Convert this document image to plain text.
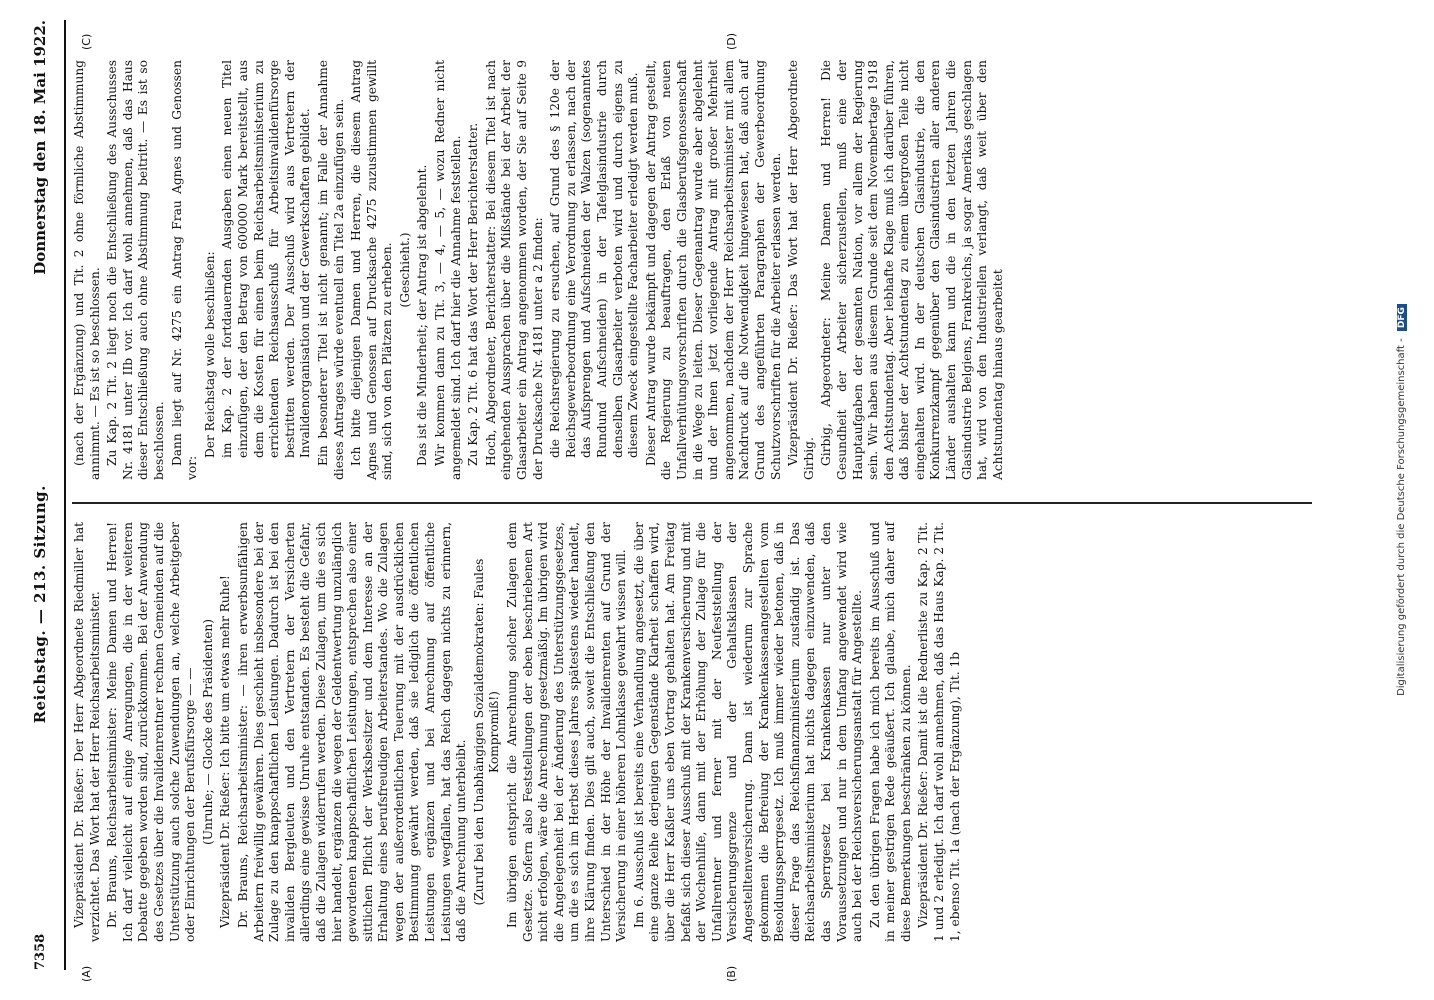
7358
Reichstag. — 213. Sitzung.
Donnerstag den 18. Mai 1922.
(A)	(B)
(C)	(D)

Vizepräsident Dr. Rießer: Der Herr Abgeordnete Riedmiller hat verzichtet. Das Wort hat der Herr Reichsarbeitsminister. Dr. Brauns, Reichsarbeitsminister: Meine Damen und Herren! Ich darf vielleicht auf einige Anregungen, die in der weiteren Debatte gegeben worden sind, zurückkommen. Bei der Anwendung des Gesetzes über die Invalidenrentner rechnen Gemeinden auf die Unterstützung auch solche Zuwendungen an, welche Arbeitgeber oder Einrichtungen der Berufsfürsorge — — (Unruhe; — Glocke des Präsidenten) Vizepräsident Dr. Rießer: Ich bitte um etwas mehr Ruhe! Dr. Brauns, Reichsarbeitsminister: — ihren erwerbsunfähigen Arbeitern freiwillig gewähren. Dies geschieht insbesondere bei der Zulage zu den knappschaftlichen Leistungen. Dadurch ist bei den invaliden Bergleuten und den Vertretern der Versicherten allerdings eine gewisse Unruhe entstanden. Es besteht die Gefahr, daß die Zulagen widerrufen werden. Diese Zulagen, um die es sich hier handelt, ergänzen die wegen der Geldentwertung unzulänglich gewordenen knappschaftlichen Leistungen, entsprechen also einer sittlichen Pflicht der Werksbesitzer und dem Interesse an der Erhaltung eines berufsfreudigen Arbeiterstandes. Wo die Zulagen wegen der außerordentlichen Teuerung mit der ausdrücklichen Bestimmung gewährt werden, daß sie lediglich die öffentlichen Leistungen ergänzen und bei Anrechnung auf öffentliche Leistungen wegfallen, hat das Reich dagegen nichts zu erinnern, daß die Anrechnung unterbleibt. (Zuruf bei den Unabhängigen Sozialdemokraten: Faules Kompromiß!) Im übrigen entspricht die Anrechnung solcher Zulagen dem Gesetze. Sofern also Feststellungen der eben beschriebenen Art nicht erfolgen, wäre die Anrechnung gesetzmäßig. Im übrigen wird die Angelegenheit bei der Änderung des Unterstützungsgesetzes, um die es sich im Herbst dieses Jahres spätestens wieder handelt, ihre Klärung finden. Dies gilt auch, soweit die Entschließung den Unterschied in der Höhe der Invalidenrenten auf Grund der Versicherung in einer höheren Lohnklasse gewahrt wissen will. Im 6. Ausschuß ist bereits eine Verhandlung angesetzt, die über eine ganze Reihe derjenigen Gegenstände Klarheit schaffen wird, über die Herr Kaßler uns eben Vortrag gehalten hat. Am Freitag befaßt sich dieser Ausschuß mit der Krankenversicherung und mit der Wochenhilfe, dann mit der Erhöhung der Zulage für die Unfallrentner und ferner mit der Neufeststellung der Versicherungsgrenze und der Gehaltsklassen der Angestelltenversicherung. Dann ist wiederum zur Sprache gekommen die Befreiung der Krankenkassenangestellten vom Besoldungssperrgesetz. Ich muß immer wieder betonen, daß in dieser Frage das Reichsfinanzministerium zuständig ist. Das Reichsarbeitsministerium hat nichts dagegen einzuwenden, daß das Sperrgesetz bei Krankenkassen nur unter den Voraussetzungen und nur in dem Umfang angewendet wird wie auch bei der Reichsversicherungsanstalt für Angestellte. Zu den übrigen Fragen habe ich mich bereits im Ausschuß und in meiner gestrigen Rede geäußert. Ich glaube, mich daher auf diese Bemerkungen beschränken zu können. Vizepräsident Dr. Rießer: Damit ist die Rednerliste zu Kap. 2 Tit. 1 und 2 erledigt. Ich darf wohl annehmen, daß das Haus Kap. 2 Tit. 1, ebenso Tit. 1a (nach der Ergänzung), Tit. 1b

(nach der Ergänzung) und Tit. 2 ohne förmliche Abstimmung annimmt. — Es ist so beschlossen. Zu Kap. 2 Tit. 2 liegt noch die Entschließung des Ausschusses Nr. 4181 unter IIb vor. Ich darf wohl annehmen, daß das Haus dieser Entschließung auch ohne Abstimmung beitritt. — Es ist so beschlossen. Dann liegt auf Nr. 4275 ein Antrag Frau Agnes und Genossen vor:

Der Reichstag wolle beschließen: im Kap. 2 der fortdauernden Ausgaben einen neuen Titel einzufügen, der den Betrag von 600000 Mark bereitstellt, aus dem die Kosten für einen beim Reichsarbeitsministerium zu errichtenden Reichsausschuß für Arbeitsinvalidenfürsorge bestritten werden. Der Ausschuß wird aus Vertretern der Invalidenorganisation und der Gewerkschaften gebildet. Ein besonderer Titel ist nicht genannt; im Falle der Annahme dieses Antrages würde eventuell ein Titel 2a einzufügen sein. Ich bitte diejenigen Damen und Herren, die diesem Antrag Agnes und Genossen auf Drucksache 4275 zuzustimmen gewillt sind, sich von den Plätzen zu erheben. (Geschieht.) Das ist die Minderheit; der Antrag ist abgelehnt. Wir kommen dann zu Tit. 3, — 4, — 5, — wozu Redner nicht angemeldet sind. Ich darf hier die Annahme feststellen. Zu Kap. 2 Tit. 6 hat das Wort der Herr Berichterstatter. Hoch, Abgeordneter, Berichterstatter: Bei diesem Titel ist nach eingehenden Aussprachen über die Mißstände bei der Arbeit der Glasarbeiter ein Antrag angenommen worden, der Sie auf Seite 9 der Drucksache Nr. 4181 unter a 2 finden: die Reichsregierung zu ersuchen, auf Grund des § 120e der Reichsgewerbeordnung eine Verordnung zu erlassen, nach der das Aufsprengen und Aufschneiden der Walzen (sogenanntes Rundund Aufschneiden) in der Tafelglasindustrie durch denselben Glasarbeiter verboten wird und durch eigens zu diesem Zweck eingestellte Facharbeiter erledigt werden muß. Dieser Antrag wurde bekämpft und dagegen der Antrag gestellt, die Regierung zu beauftragen, den Erlaß von neuen Unfallverhütungsvorschriften durch die Glasberufsgenossenschaft in die Wege zu leiten. Dieser Gegenantrag wurde aber abgelehnt und der Ihnen jetzt vorliegende Antrag mit großer Mehrheit angenommen, nachdem der Herr Reichsarbeitsminister mit allem Nachdruck auf die Notwendigkeit hingewiesen hat, daß auch auf Grund des angeführten Paragraphen der Gewerbeordnung Schutzvorschriften für die Arbeiter erlassen werden. Vizepräsident Dr. Rießer: Das Wort hat der Herr Abgeordnete Girbig. Girbig, Abgeordneter: Meine Damen und Herren! Die Gesundheit der Arbeiter sicherzustellen, muß eine der Hauptaufgaben der gesamten Nation, vor allem der Regierung sein. Wir haben aus diesem Grunde seit dem Novembertage 1918 den Achtstundentag. Aber lebhafte Klage muß ich darüber führen, daß bisher der Achtstundentag zu einem übergroßen Teile nicht eingehalten wird. In der deutschen Glasindustrie, die den Konkurrenzkampf gegenüber den Glasindustrien aller anderen Länder aushalten kann und die in den letzten Jahren die Glasindustrie Belgiens, Frankreichs, ja sogar Amerikas geschlagen hat, wird von den Industriellen verlangt, daß weit über den Achtstundentag hinaus gearbeitet	Digitalisierung gefördert durch die Deutsche Forschungsgemeinschaft - DFG
